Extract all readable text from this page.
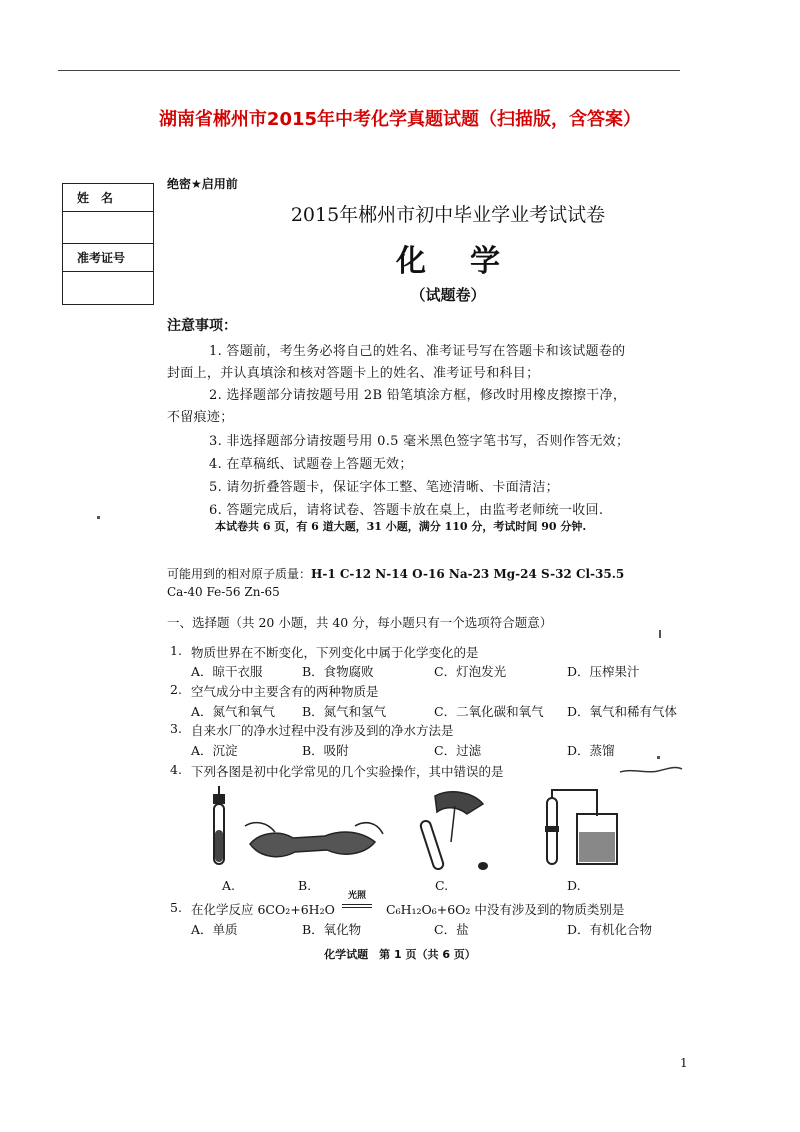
湖南省郴州市2015年中考化学真题试题（扫描版，含答案）
姓　名
准考证号
绝密★启用前
2015年郴州市初中毕业学业考试试卷
化学
（试题卷）
注意事项：
1. 答题前，考生务必将自己的姓名、准考证号写在答题卡和该试题卷的
封面上，并认真填涂和核对答题卡上的姓名、准考证号和科目；
2. 选择题部分请按题号用 2B 铅笔填涂方框，修改时用橡皮擦擦干净，
不留痕迹；
3. 非选择题部分请按题号用 0.5 毫米黑色签字笔书写，否则作答无效；
4. 在草稿纸、试题卷上答题无效；
5. 请勿折叠答题卡，保证字体工整、笔迹清晰、卡面清洁；
6. 答题完成后，请将试卷、答题卡放在桌上，由监考老师统一收回.
本试卷共 6 页，有 6 道大题，31 小题，满分 110 分，考试时间 90 分钟.
可能用到的相对原子质量：H-1 C-12 N-14 O-16 Na-23 Mg-24 S-32 Cl-35.5
Ca-40 Fe-56 Zn-65
一、选择题（共 20 小题，共 40 分，每小题只有一个选项符合题意）
1. 物质世界在不断变化，下列变化中属于化学变化的是
A．晾干衣服	B．食物腐败	C．灯泡发光	D．压榨果汁
2. 空气成分中主要含有的两种物质是
A．氮气和氧气 B．氮气和氢气	C．二氧化碳和氧气 D．氧气和稀有气体
3. 自来水厂的净水过程中没有涉及到的净水方法是
A．沉淀	B．吸附	C．过滤	D．蒸馏
4. 下列各图是初中化学常见的几个实验操作，其中错误的是
A.	B.	C.	D.
5. 在化学反应 6CO₂+6H₂O
光照
C₆H₁₂O₆+6O₂ 中没有涉及到的物质类别是
A．单质	B．氧化物	C．盐	D．有机化合物
化学试题　第 1 页（共 6 页）
1
